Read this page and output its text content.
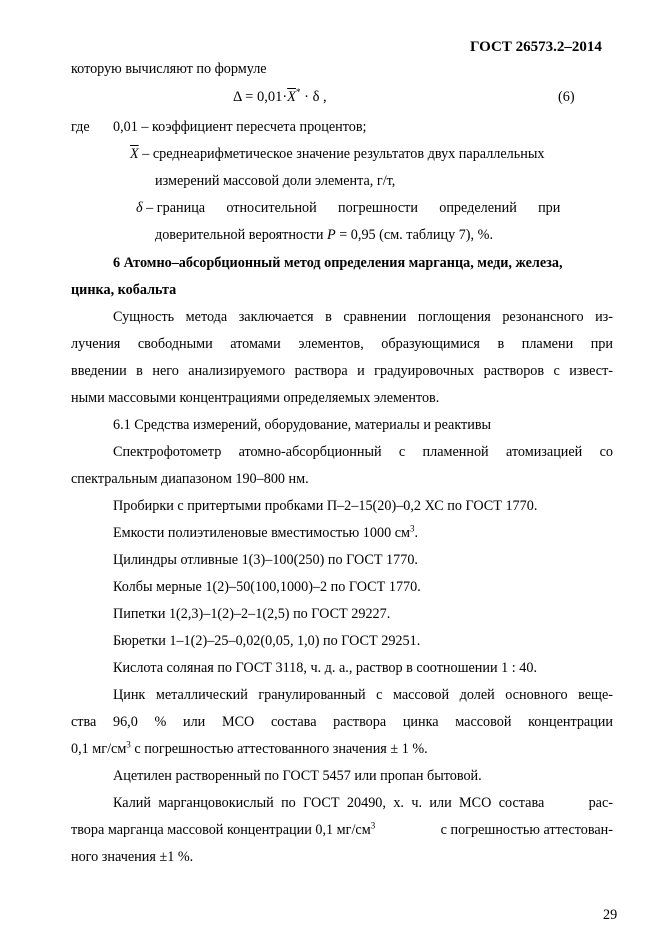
ГОСТ 26573.2–2014
которую вычисляют по формуле
$\Delta = 0,01\cdot\overline{X}^* \cdot \delta$ ,	(6)
где 0,01 – коэффициент пересчета процентов;
$\overline{X}$ – среднеарифметическое значение результатов двух параллельных
измерений массовой доли элемента, г/т,
δ – граница      относительной      погрешности      определений      при
доверительной вероятности P = 0,95 (см. таблицу 7), %.
6 Атомно–абсорбционный метод определения марганца, меди, железа,
цинка, кобальта
Сущность метода заключается в сравнении поглощения резонансного из-
лучения свободными атомами элементов, образующимися в пламени при
введении в него анализируемого раствора и градуировочных растворов с извест-
ными массовыми концентрациями определяемых элементов.
6.1 Средства измерений, оборудование, материалы и реактивы
Спектрофотометр атомно-абсорбционный с пламенной атомизацией со
спектральным диапазоном 190–800 нм.
Пробирки с притертыми пробками П–2–15(20)–0,2 ХС по ГОСТ 1770.
Емкости полиэтиленовые вместимостью 1000 $см^3$.
Цилиндры отливные 1(3)–100(250) по ГОСТ 1770.
Колбы мерные 1(2)–50(100,1000)–2 по ГОСТ 1770.
Пипетки 1(2,3)–1(2)–2–1(2,5) по ГОСТ 29227.
Бюретки 1–1(2)–25–0,02(0,05, 1,0) по ГОСТ 29251.
Кислота соляная по ГОСТ 3118, ч. д. а., раствор в соотношении 1 : 40.
Цинк металлический гранулированный с массовой долей основного веще-
ства 96,0 % или МСО состава раствора цинка массовой концентрации
0,1 $мг/см^3$ с погрешностью аттестованного значения ± 1 %.
Ацетилен растворенный по ГОСТ 5457 или пропан бытовой.
Калий марганцовокислый по ГОСТ 20490, х. ч. или МСО состава      рас-
твора марганца массовой концентрации 0,1 $мг/см^3$	с погрешностью аттестован-
ного значения ±1 %.
29
